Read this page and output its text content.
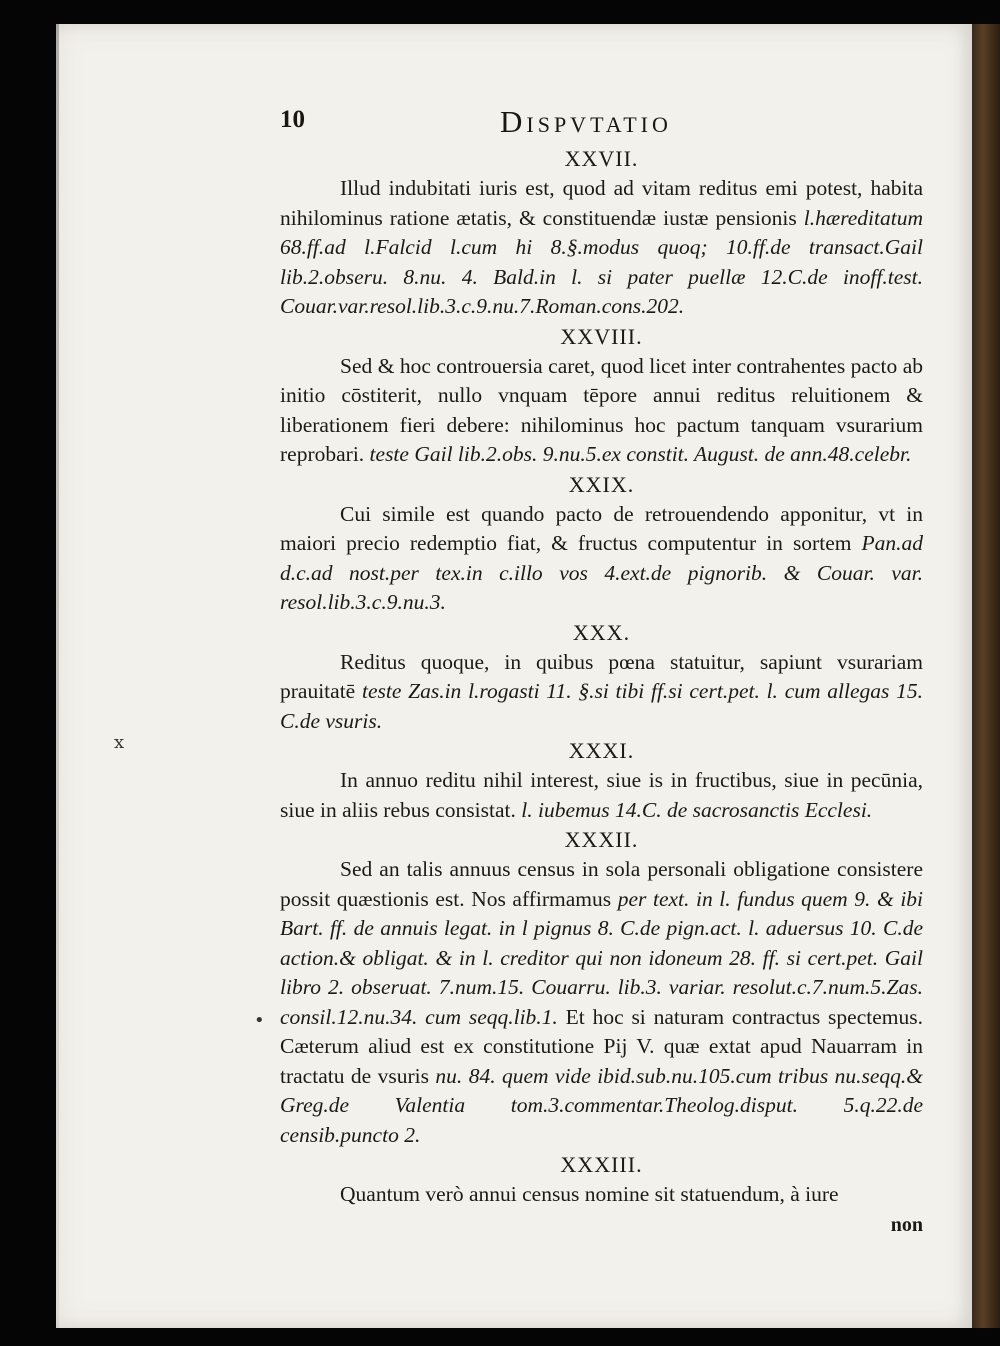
10	Dispvtatio

XXVII.

Illud indubitati iuris est, quod ad vitam reditus emi potest, habita nihilominus ratione ætatis, & constituendæ iustæ pensionis l.hæreditatum 68.ff.ad l.Falcid l.cum hi 8.§.modus quoq; 10.ff.de transact.Gail lib.2.obseru. 8.nu. 4. Bald.in l. si pater puellæ 12.C.de inoff.test. Couar.var.resol.lib.3.c.9.nu.7.Roman.cons.202.

XXVIII.

Sed & hoc controuersia caret, quod licet inter contrahentes pacto ab initio cōstiterit, nullo vnquam tēpore annui reditus reluitionem & liberationem fieri debere: nihilominus hoc pactum tanquam vsurarium reprobari. teste Gail lib.2.obs. 9.nu.5.ex constit. August. de ann.48.celebr.

XXIX.

Cui simile est quando pacto de retrouendendo apponitur, vt in maiori precio redemptio fiat, & fructus computentur in sortem Pan.ad d.c.ad nost.per tex.in c.illo vos 4.ext.de pignorib. & Couar. var. resol.lib.3.c.9.nu.3.

XXX.

Reditus quoque, in quibus pœna statuitur, sapiunt vsurariam prauitatē teste Zas.in l.rogasti 11. §.si tibi ff.si cert.pet. l. cum allegas 15. C.de vsuris.

XXXI.

In annuo reditu nihil interest, siue is in fructibus, siue in pecūnia, siue in aliis rebus consistat. l. iubemus 14.C. de sacrosanctis Ecclesi.

XXXII.

Sed an talis annuus census in sola personali obligatione consistere possit quæstionis est. Nos affirmamus per text. in l. fundus quem 9. & ibi Bart. ff. de annuis legat. in l pignus 8. C.de pign.act. l. aduersus 10. C.de action.& obligat. & in l. creditor qui non idoneum 28. ff. si cert.pet. Gail libro 2. obseruat. 7.num.15. Couarru. lib.3. variar. resolut.c.7.num.5.Zas. consil.12.nu.34. cum seqq.lib.1. Et hoc si naturam contractus spectemus. Cæterum aliud est ex constitutione Pij V. quæ extat apud Nauarram in tractatu de vsuris nu. 84. quem vide ibid.sub.nu.105.cum tribus nu.seqq.& Greg.de Valentia tom.3.commentar.Theolog.disput. 5.q.22.de censib.puncto 2.

XXXIII.

Quantum verò annui census nomine sit statuendum, à iure

non

x
•
